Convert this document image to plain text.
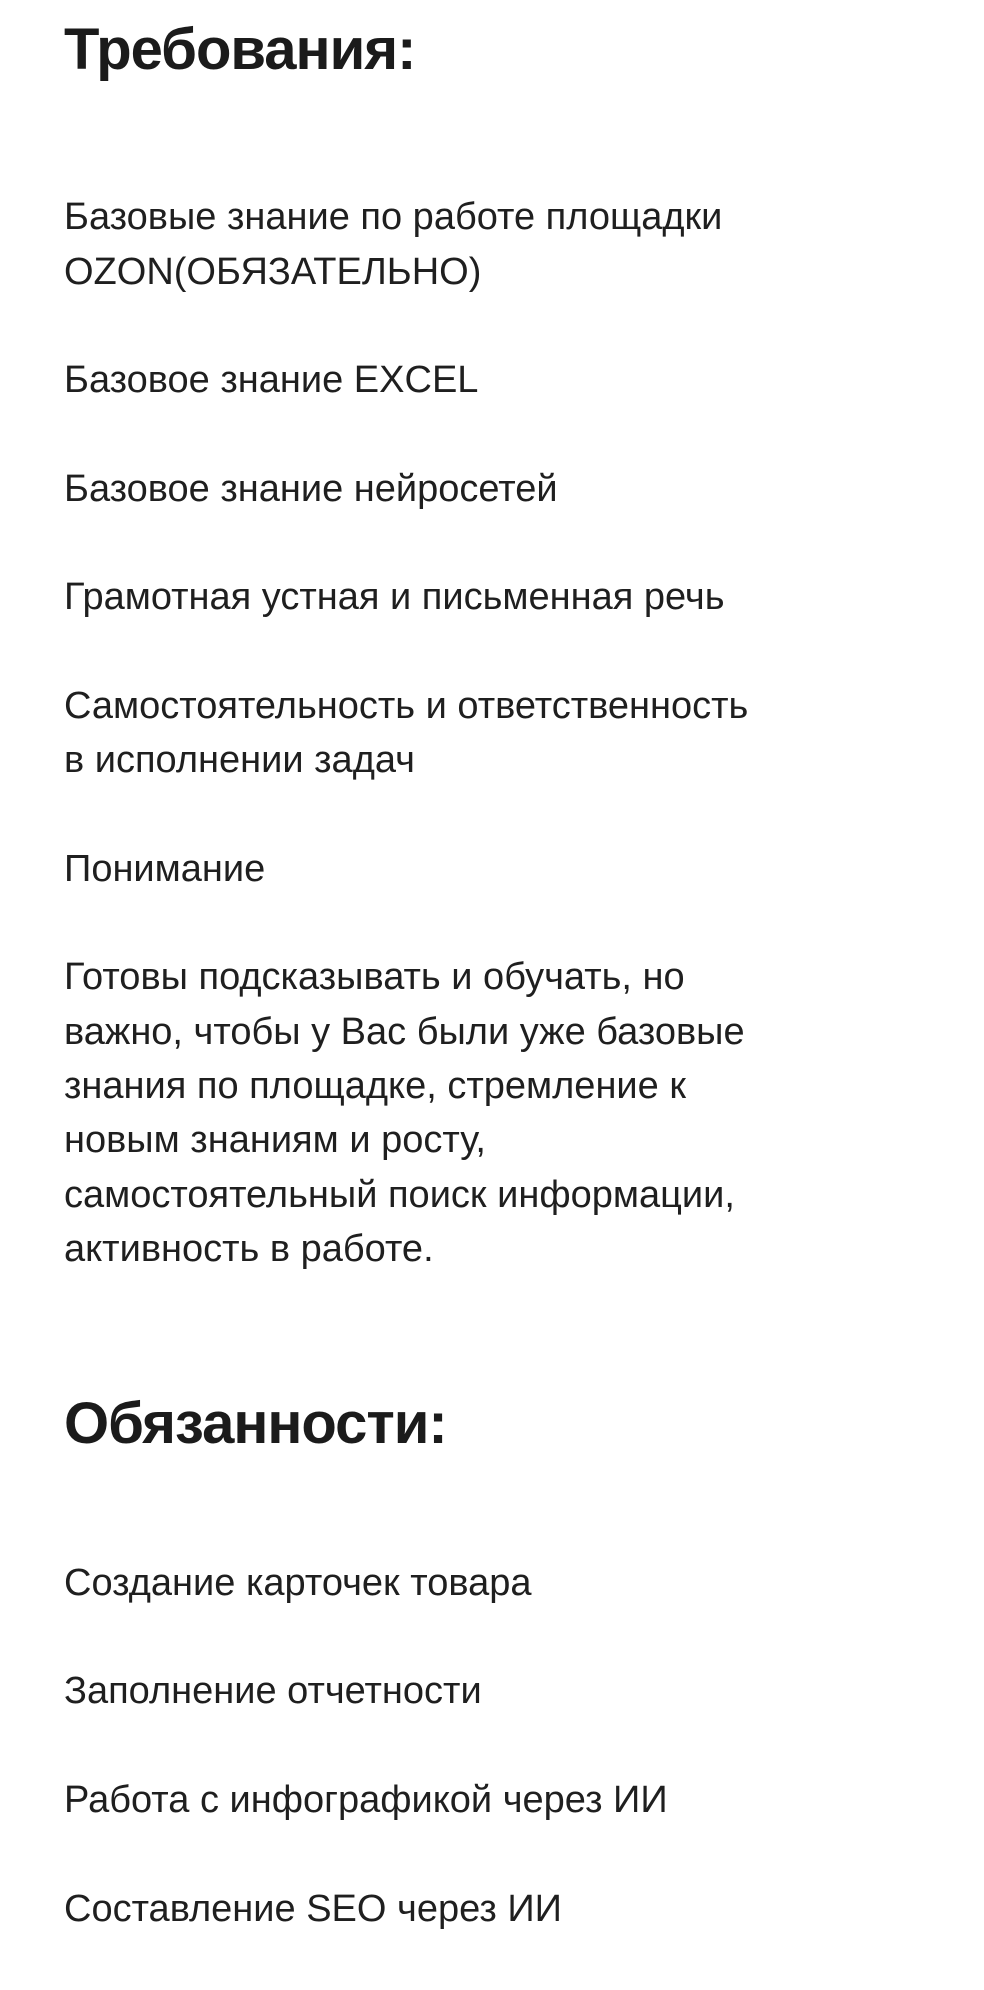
Требования:

Базовые знание по работе площадки
OZON(ОБЯЗАТЕЛЬНО)

Базовое знание EXCEL

Базовое знание нейросетей

Грамотная устная и письменная речь

Самостоятельность и ответственность
в исполнении задач

Понимание

Готовы подсказывать и обучать, но
важно, чтобы у Вас были уже базовые
знания по площадке, стремление к
новым знаниям и росту,
самостоятельный поиск информации,
активность в работе.

Обязанности:

Создание карточек товара

Заполнение отчетности

Работа с инфографикой через ИИ

Составление SEO через ИИ
